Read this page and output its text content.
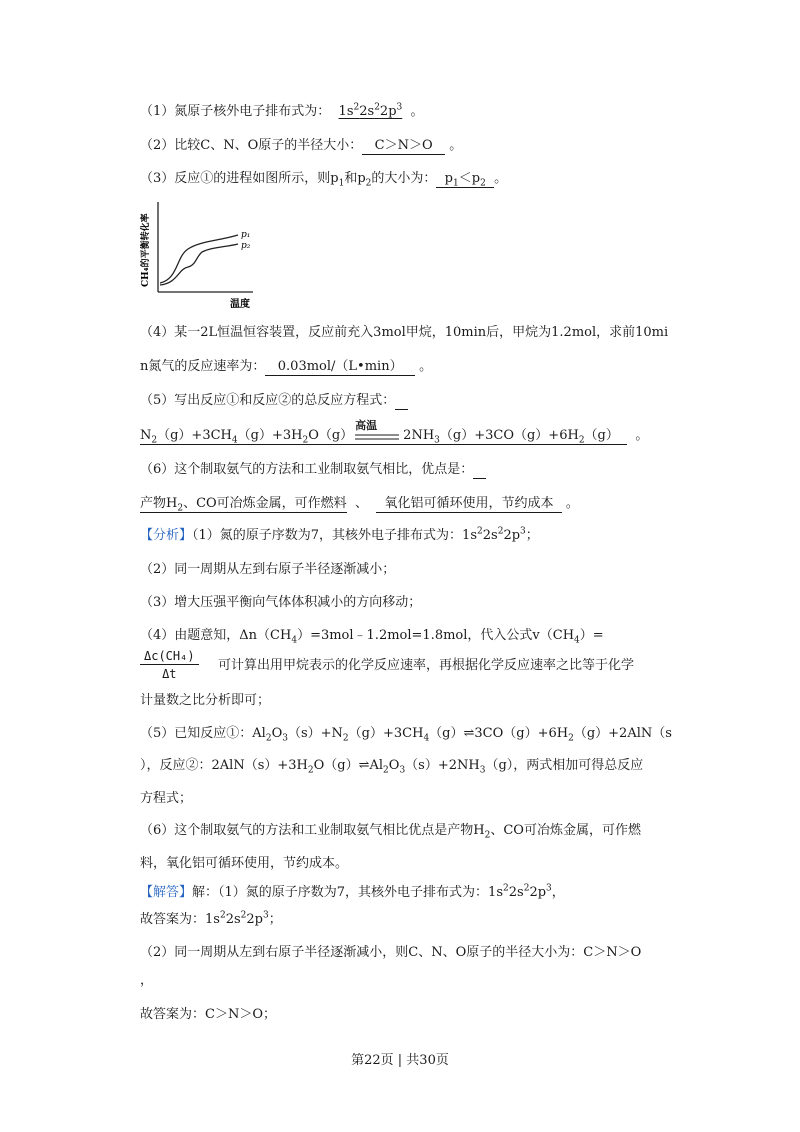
（1）氮原子核外电子排布式为： $1s^22s^22p^3$ 。
（2）比较C、N、O原子的半径大小： C＞N＞O 。
（3）反应①的进程如图所示，则$p_1$和$p_2$的大小为： $p_1<p_2$ 。
p₁
p₂
CH₄的平衡转化率
温度
（4）某一2L恒温恒容装置，反应前充入3mol甲烷，10min后，甲烷为1.2mol，求前10mi
n氮气的反应速率为： 0.03mol/（L•min） 。
（5）写出反应①和反应②的总反应方程式：
$N_2(g)+3CH_4(g)+3H_2O(g)$
高温
$2NH_3(g)+3CO(g)+6H_2(g)$ 。
（6）这个制取氨气的方法和工业制取氨气相比，优点是：
产物$H_2$、CO可冶炼金属，可作燃料 、 氧化铝可循环使用，节约成本 。
【分析】（1）氮的原子序数为7，其核外电子排布式为：$1s^22s^22p^3$；
（2）同一周期从左到右原子半径逐渐减小；
（3）增大压强平衡向气体体积减小的方向移动；
（4）由题意知，$\Delta n(CH_4)=3mol﹣1.2mol=1.8mol$，代入公式$v(CH_4)=$
$\frac{\text{Δc(CH₄)}}{\Delta t}$ 可计算出用甲烷表示的化学反应速率，再根据化学反应速率之比等于化学
计量数之比分析即可；
（5）已知反应①：$Al_2O_3(s)+N_2(g)+3CH_4(g)\rightleftharpoons 3CO(g)+6H_2(g)+2AlN(s$
），反应②：$2AlN(s)+3H_2O(g)\rightleftharpoons Al_2O_3(s)+2NH_3(g)$，两式相加可得总反应
方程式；
（6）这个制取氨气的方法和工业制取氨气相比优点是产物$H_2$、CO可冶炼金属，可作燃
料，氧化铝可循环使用，节约成本。
【解答】解：（1）氮的原子序数为7，其核外电子排布式为：$1s^22s^22p^3$，
故答案为：$1s^22s^22p^3$；
（2）同一周期从左到右原子半径逐渐减小，则C、N、O原子的半径大小为：C＞N＞O
，
故答案为：C＞N＞O；
第22页 | 共30页
